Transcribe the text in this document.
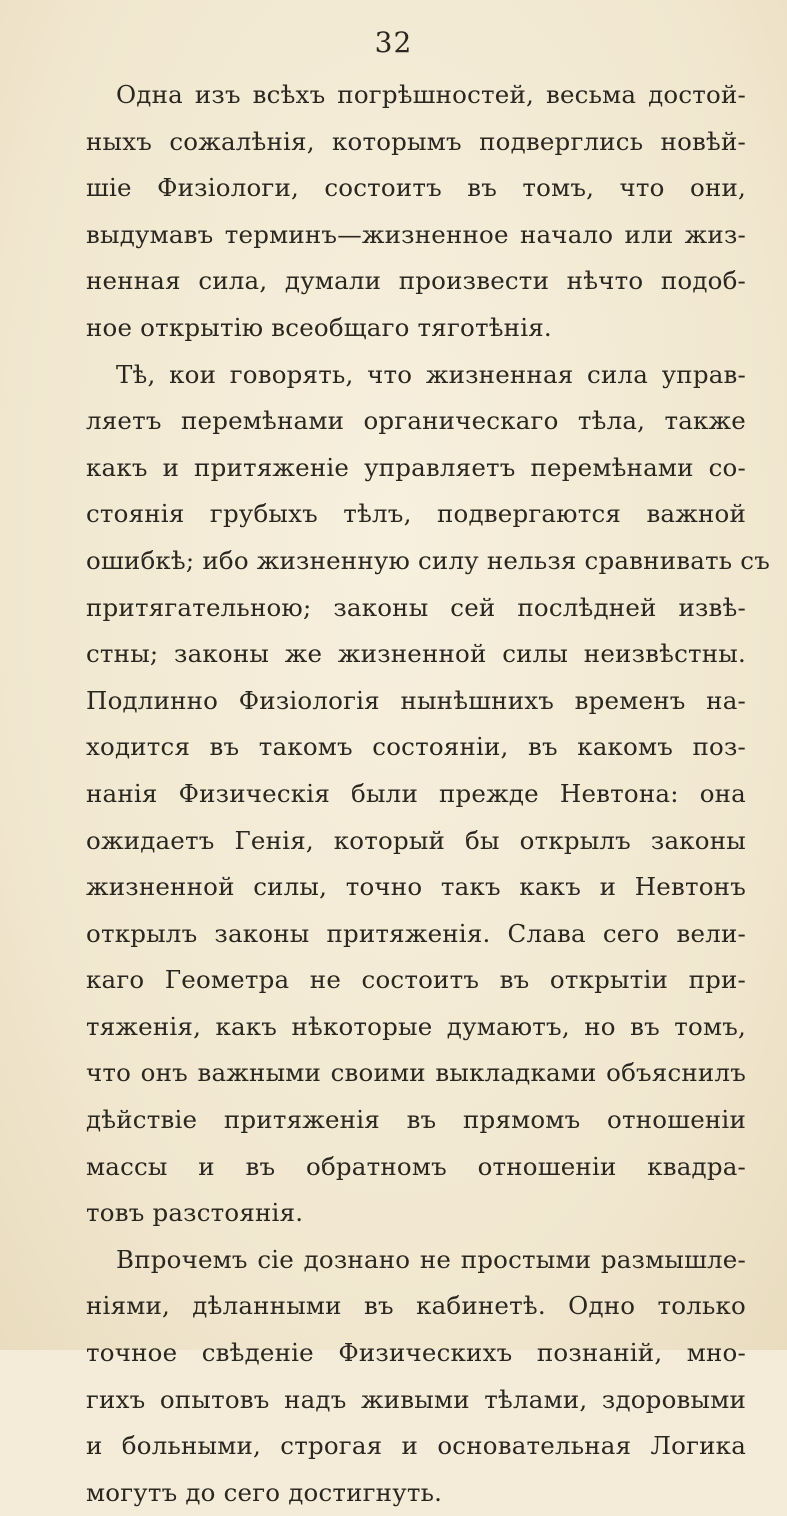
32
Одна изъ всѣхъ погрѣшностей, весьма достой-
ныхъ сожалѣнія, которымъ подверглись новѣй-
шіе Физіологи, состоитъ въ томъ, что они,
выдумавъ терминъ—жизненное начало или жиз-
ненная сила, думали произвести нѣчто подоб-
ное открытію всеобщаго тяготѣнія.
Тѣ, кои говорять, что жизненная сила управ-
ляетъ перемѣнами органическаго тѣла, также
какъ и притяженіе управляетъ перемѣнами со-
стоянія грубыхъ тѣлъ, подвергаются важной
ошибкѣ; ибо жизненную силу нельзя сравнивать съ
притягательною; законы сей послѣдней извѣ-
стны; законы же жизненной силы неизвѣстны.
Подлинно Физіологія нынѣшнихъ временъ на-
ходится въ такомъ состояніи, въ какомъ поз-
нанія Физическія были прежде Невтона: она
ожидаетъ Генія, который бы открылъ законы
жизненной силы, точно такъ какъ и Невтонъ
открылъ законы притяженія. Слава сего вели-
каго Геометра не состоитъ въ открытіи при-
тяженія, какъ нѣкоторые думаютъ, но въ томъ,
что онъ важными своими выкладками объяснилъ
дѣйствіе притяженія въ прямомъ отношеніи
массы и въ обратномъ отношеніи квадра-
товъ разстоянія.
Впрочемъ сіе дознано не простыми размышле-
ніями, дѣланными въ кабинетѣ. Одно только
точное свѣденіе Физическихъ познаній, мно-
гихъ опытовъ надъ живыми тѣлами, здоровыми
и больными, строгая и основательная Логика
могутъ до сего достигнуть.
